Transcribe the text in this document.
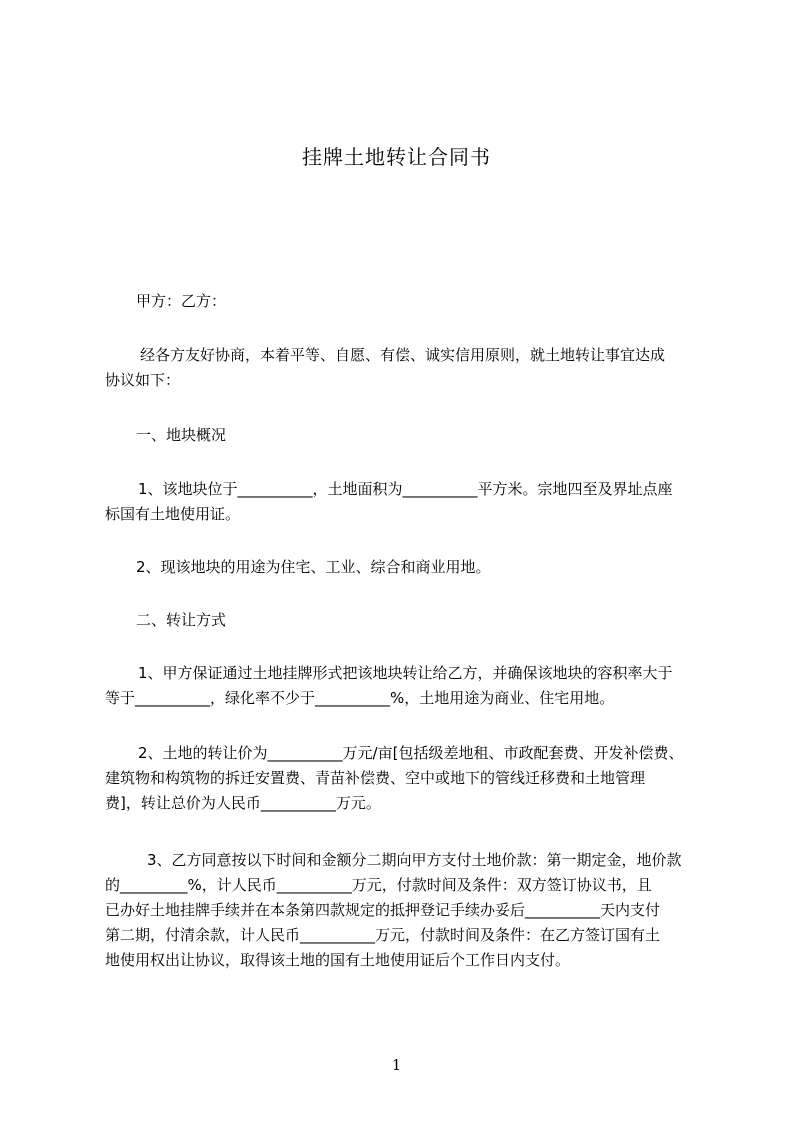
挂牌土地转让合同书
甲方：乙方：
经各方友好协商，本着平等、自愿、有偿、诚实信用原则，就土地转让事宜达成
协议如下：
一、地块概况
1、该地块位于__________，土地面积为__________平方米。宗地四至及界址点座
标国有土地使用证。
2、现该地块的用途为住宅、工业、综合和商业用地。
二、转让方式
1、甲方保证通过土地挂牌形式把该地块转让给乙方，并确保该地块的容积率大于
等于__________，绿化率不少于__________%，土地用途为商业、住宅用地。
2、土地的转让价为__________万元/亩[包括级差地租、市政配套费、开发补偿费、
建筑物和构筑物的拆迁安置费、青苗补偿费、空中或地下的管线迁移费和土地管理
费]，转让总价为人民币__________万元。
3、乙方同意按以下时间和金额分二期向甲方支付土地价款：第一期定金，地价款
的_________%，计人民币__________万元，付款时间及条件：双方签订协议书，且
已办好土地挂牌手续并在本条第四款规定的抵押登记手续办妥后__________天内支付
第二期，付清余款，计人民币__________万元，付款时间及条件：在乙方签订国有土
地使用权出让协议，取得该土地的国有土地使用证后个工作日内支付。
1
